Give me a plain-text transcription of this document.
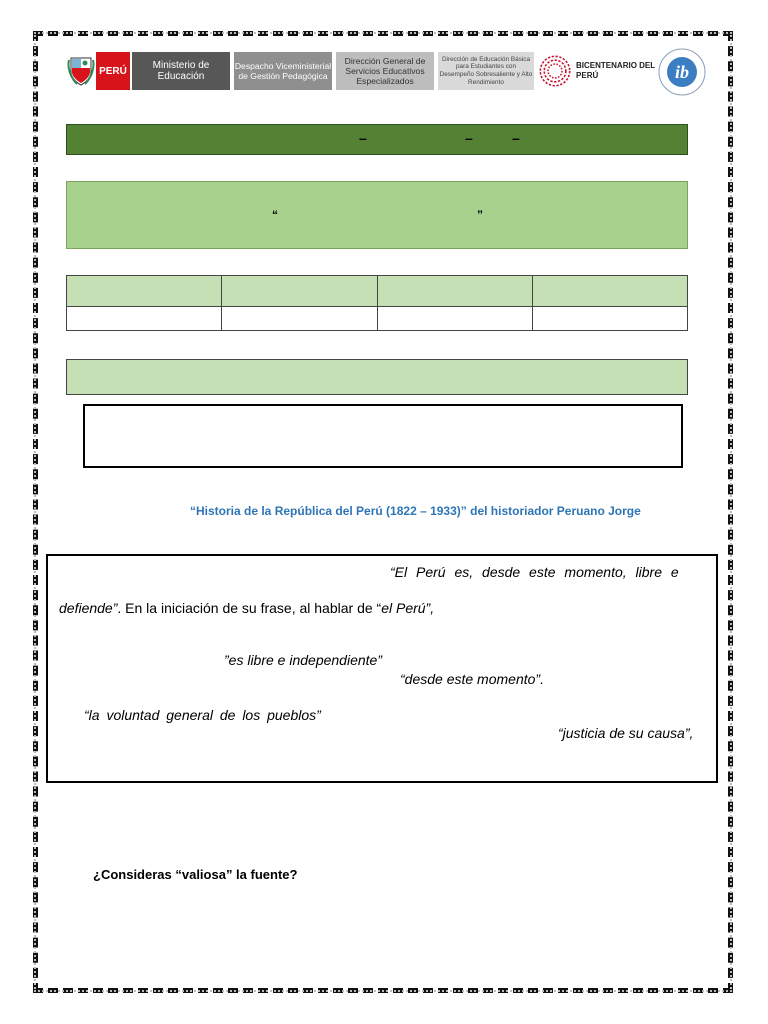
PERÚ	Ministerio de Educación
Despacho Viceministerial de Gestión Pedagógica
Dirección General de Servicios Educativos Especializados
Dirección de Educación Básica para Estudiantes con Desempeño Sobresaliente y Alto Rendimiento
BICENTENARIO DEL PERÚ	ib
–	–	–
“	”

“Historia de la República del Perú (1822 – 1933)” del historiador Peruano Jorge
“El Perú es, desde este momento, libre e
defiende”. En la iniciación de su frase, al hablar de “el Perú”,
”es libre e independiente”
“desde este momento”.
“la voluntad general de los pueblos”
“justicia de su causa”,
¿Consideras “valiosa” la fuente?
